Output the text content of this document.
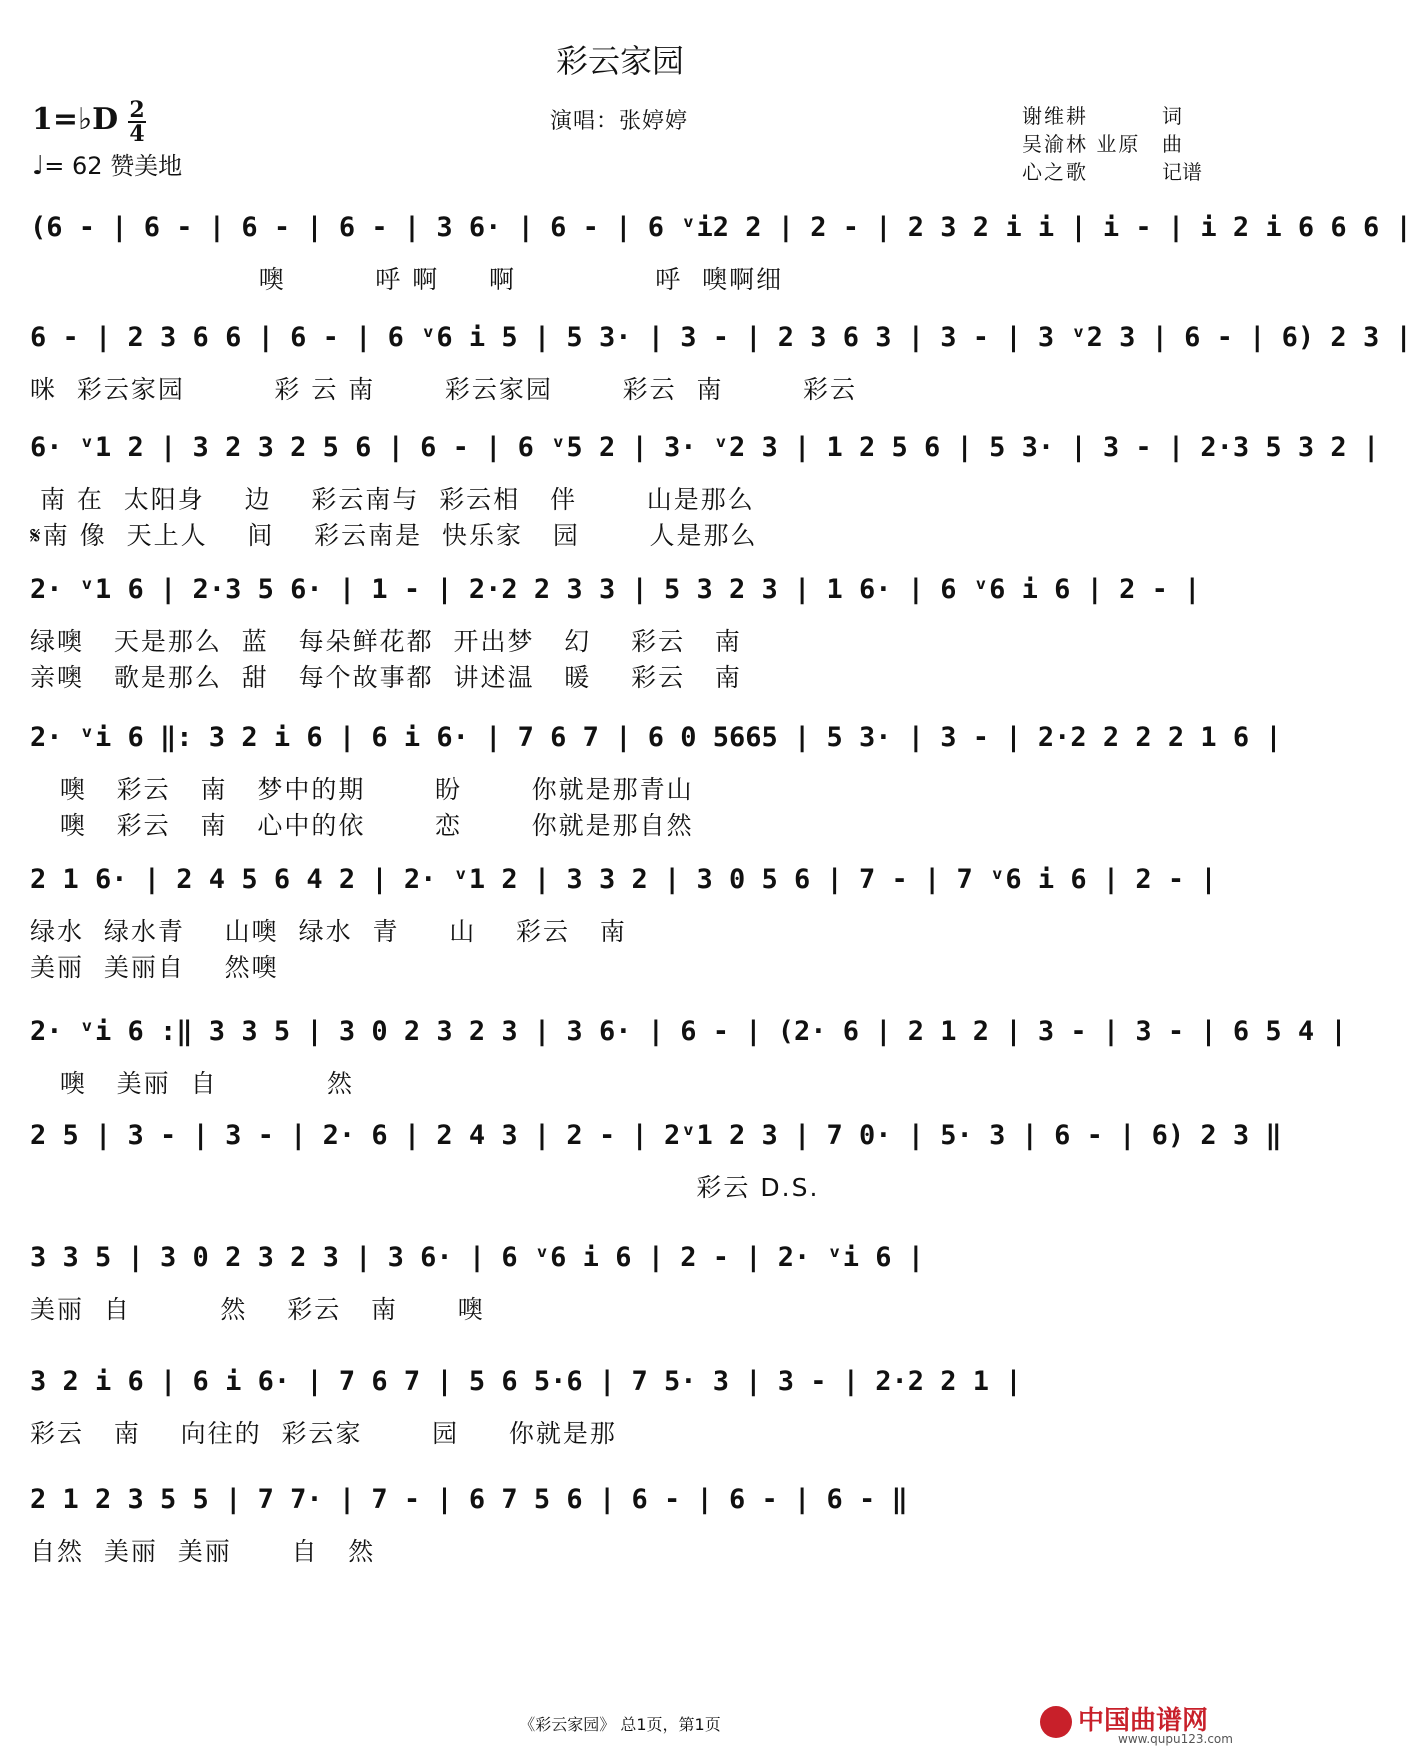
彩云家园
1=♭D 2
4
♩= 62 赞美地
演唱：张婷婷	谢维耕	词
吴渝林 业原	曲
心之歌	记谱
(6 - | 6 - | 6 - | 6 - | 3 6· | 6 - | 6 ᵛi2 2 | 2 - | 2 3 2 i i | i - | i 2 i 6 6 6 |
噢         呼 啊     啊              呼  噢啊细
6 - | 2 3 6 6 | 6 - | 6 ᵛ6 i 5 | 5 3· | 3 - | 2 3 6 3 | 3 - | 3 ᵛ2 3 | 6 - | 6) 2 3 |
咪  彩云家园         彩 云 南       彩云家园       彩云  南        彩云
6· ᵛ1 2 | 3 2 3 2 5 6 | 6 - | 6 ᵛ5 2 | 3· ᵛ2 3 | 1 2 5 6 | 5 3· | 3 - | 2·3 5 3 2 |
南 在  太阳身    边    彩云南与  彩云相   伴       山是那么
𝄋南 像  天上人    间    彩云南是  快乐家   园       人是那么
2· ᵛ1 6 | 2·3 5 6· | 1 - | 2·2 2 3 3 | 5 3 2 3 | 1 6· | 6 ᵛ6 i 6 | 2 - |
绿噢   天是那么  蓝   每朵鲜花都  开出梦   幻    彩云   南
亲噢   歌是那么  甜   每个故事都  讲述温   暖    彩云   南
2· ᵛi 6 ‖: 3 2 i 6 | 6 i 6· | 7 6 7 | 6 0 5665 | 5 3· | 3 - | 2·2 2 2 2 1 6 |
噢   彩云   南   梦中的期       盼       你就是那青山
噢   彩云   南   心中的依       恋       你就是那自然
2 1 6· | 2 4 5 6 4 2 | 2· ᵛ1 2 | 3 3 2 | 3 0 5 6 | 7 - | 7 ᵛ6 i 6 | 2 - |
绿水  绿水青    山噢  绿水  青     山    彩云   南
美丽  美丽自    然噢
2· ᵛi 6 :‖ 3 3 5 | 3 0 2 3 2 3 | 3 6· | 6 - | (2· 6 | 2 1 2 | 3 - | 3 - | 6 5 4 |
噢   美丽  自           然
2 5 | 3 - | 3 - | 2· 6 | 2 4 3 | 2 - | 2ᵛ1 2 3 | 7 0· | 5· 3 | 6 - | 6) 2 3 ‖
彩云 D.S.
3 3 5 | 3 0 2 3 2 3 | 3 6· | 6 ᵛ6 i 6 | 2 - | 2· ᵛi 6 |
美丽  自         然    彩云   南      噢
3 2 i 6 | 6 i 6· | 7 6 7 | 5 6 5·6 | 7 5· 3 | 3 - | 2·2 2 1 |
彩云   南    向往的  彩云家       园     你就是那
2 1 2 3 5 5 | 7 7· | 7 - | 6 7 5 6 | 6 - | 6 - | 6 - ‖
自然  美丽  美丽      自   然
《彩云家园》 总1页，第1页	中国曲谱网
www.qupu123.com
